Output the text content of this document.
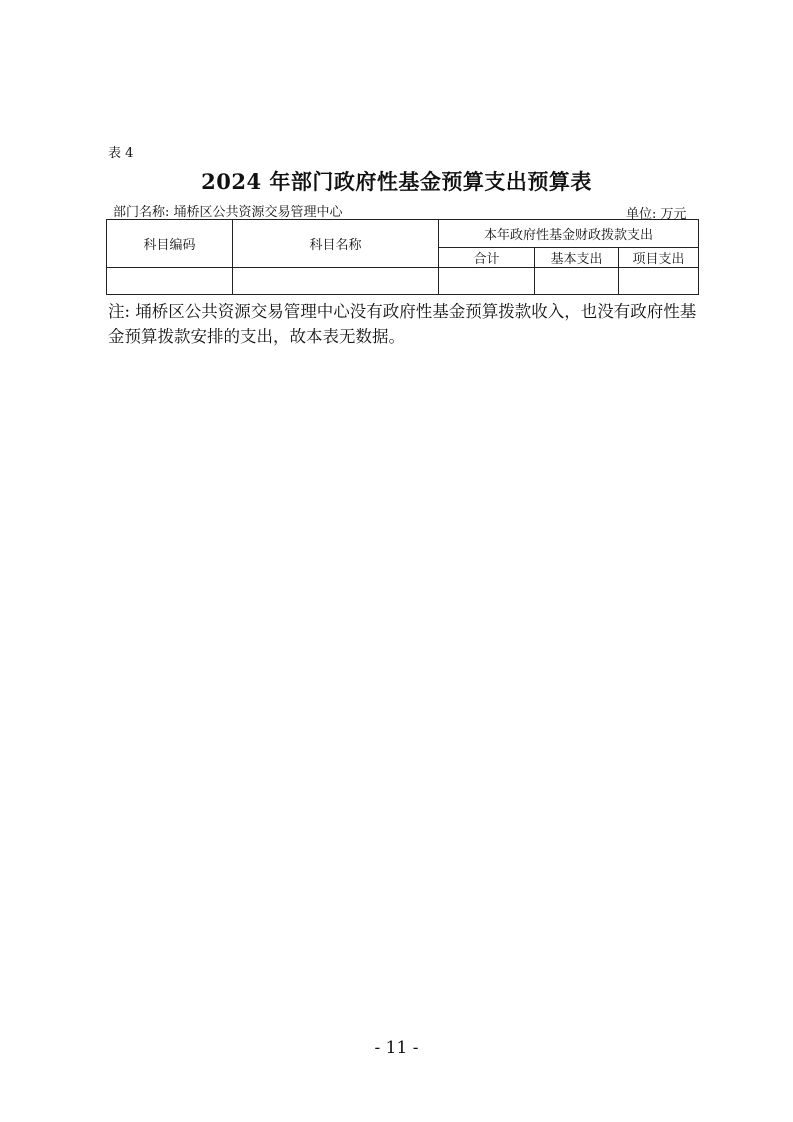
表 4
2024 年部门政府性基金预算支出预算表
部门名称: 埇桥区公共资源交易管理中心	单位: 万元
科目编码	科目名称	本年政府性基金财政拨款支出		
		合计	基本支出	项目支出

注: 埇桥区公共资源交易管理中心没有政府性基金预算拨款收入，也没有政府性基金预算拨款安排的支出，故本表无数据。
- 11 -
